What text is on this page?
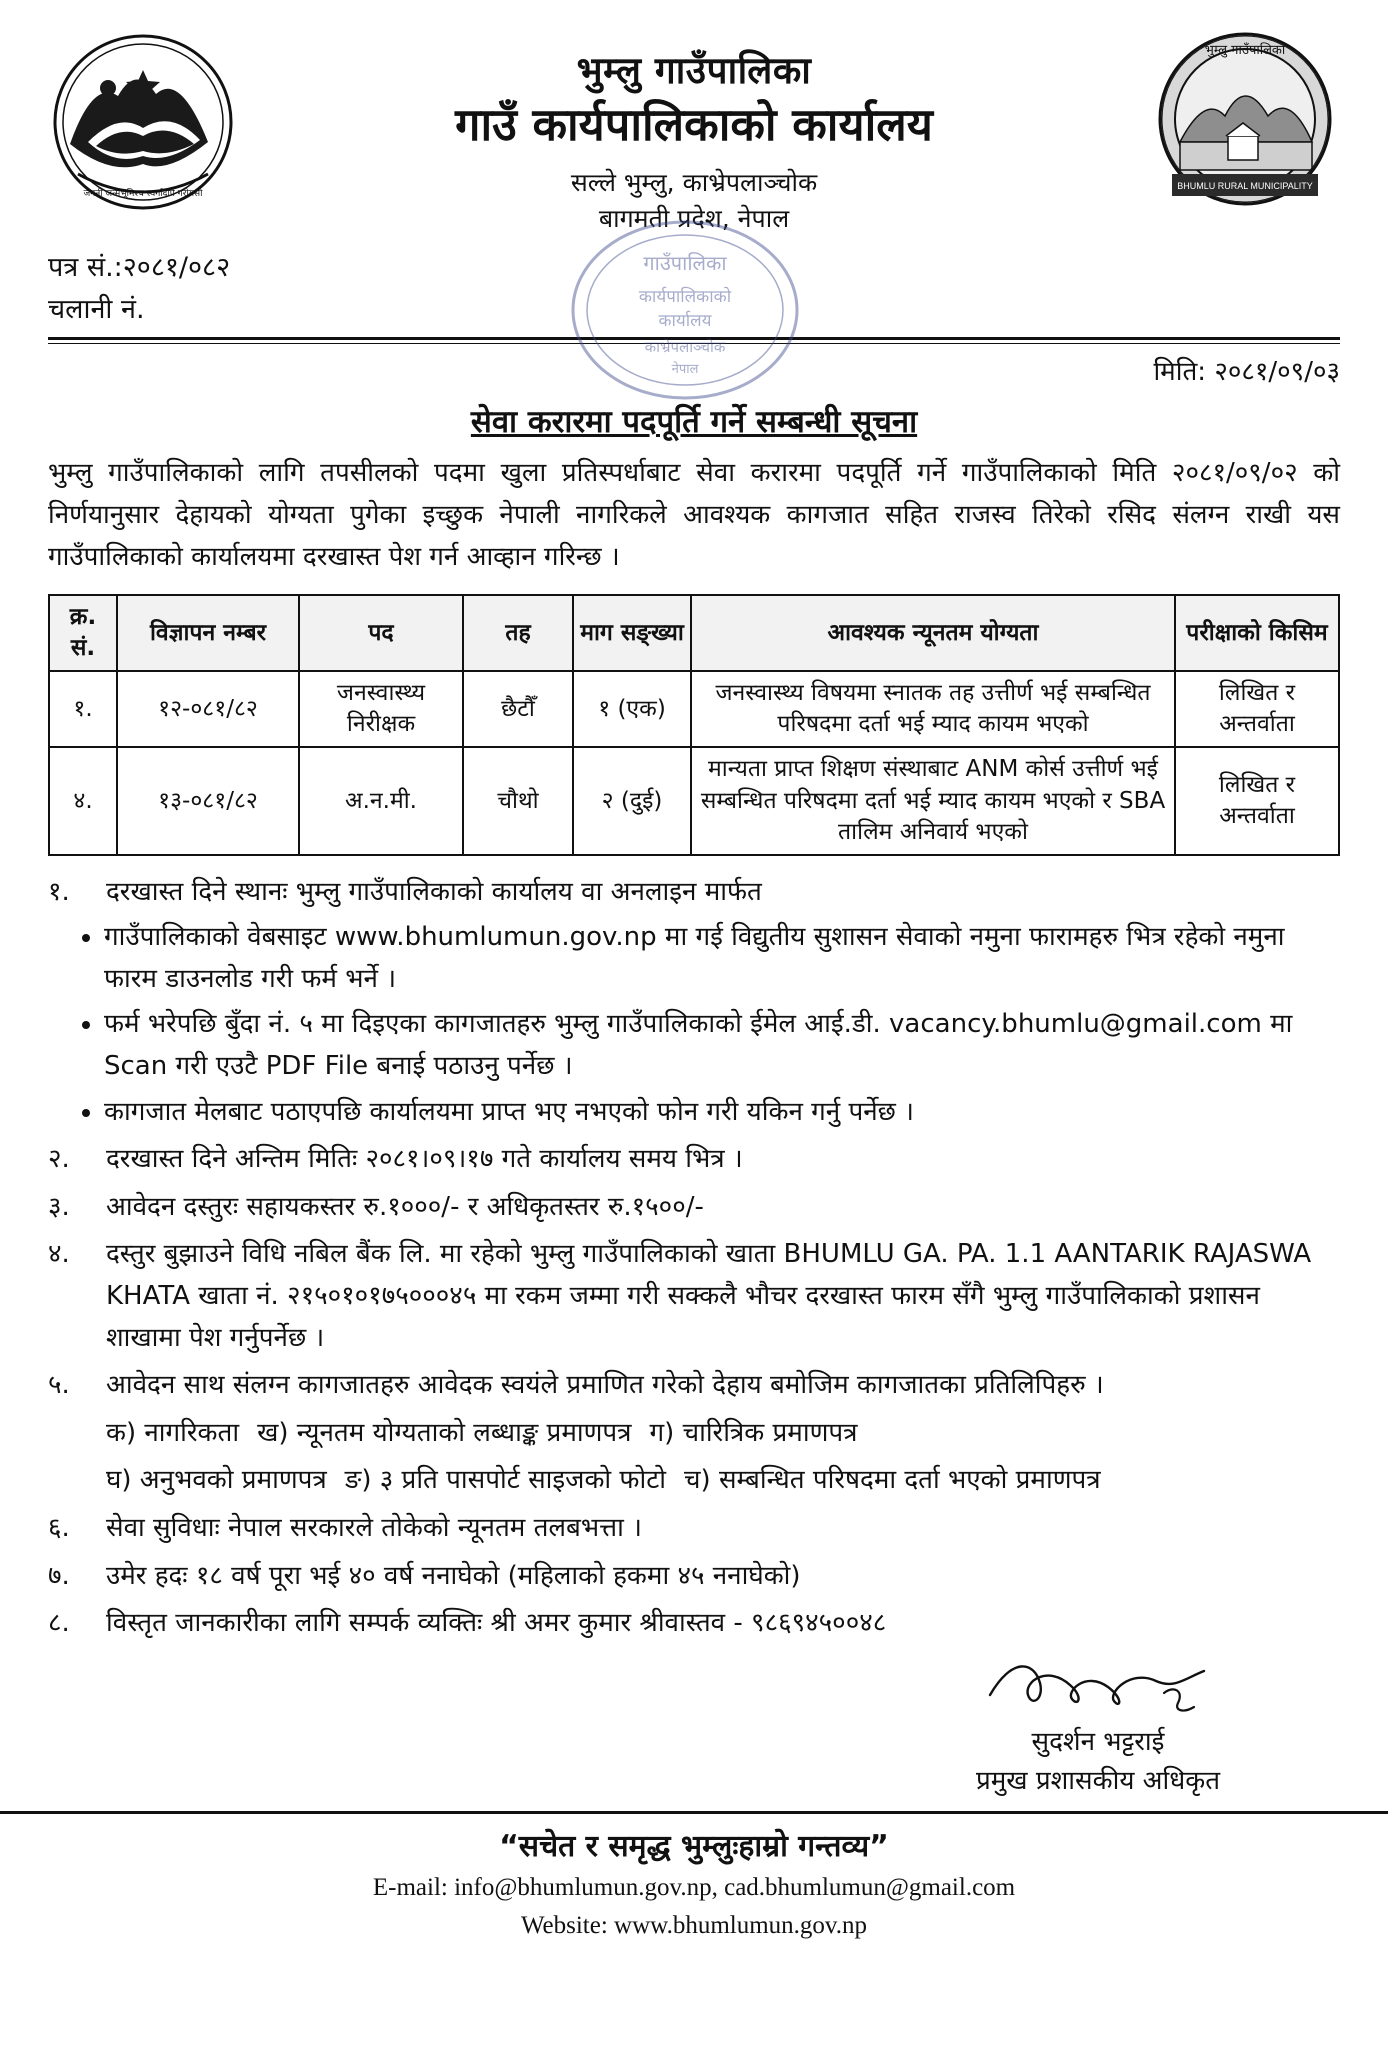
जननी जन्मभूमिश्च स्वर्गादपि गरीयसी
भुम्लु गाउँपालिका
गाउँ कार्यपालिकाको कार्यालय
सल्ले भुम्लु, काभ्रेपलाञ्चोक
बागमती प्रदेश, नेपाल
भुम्लु गाउँपालिका
BHUMLU RURAL MUNICIPALITY
गाउँपालिका
कार्यपालिकाको
कार्यालय
काभ्रेपलाञ्चोक
नेपाल
पत्र सं.:२०८१/०८२
चलानी नं.
मिति: २०८१/०९/०३
सेवा करारमा पदपूर्ति गर्ने सम्बन्धी सूचना
भुम्लु गाउँपालिकाको लागि तपसीलको पदमा खुला प्रतिस्पर्धाबाट सेवा करारमा पदपूर्ति गर्ने गाउँपालिकाको मिति २०८१/०९/०२ को निर्णयानुसार देहायको योग्यता पुगेका इच्छुक नेपाली नागरिकले आवश्यक कागजात सहित राजस्व तिरेको रसिद संलग्न राखी यस गाउँपालिकाको कार्यालयमा दरखास्त पेश गर्न आव्हान गरिन्छ ।
क्र. सं.	विज्ञापन नम्बर	पद	तह	माग सङ्ख्या	आवश्यक न्यूनतम योग्यता	परीक्षाको किसिम
१.	१२-०८१/८२	जनस्वास्थ्य निरीक्षक	छैटौँ	१ (एक)	जनस्वास्थ्य विषयमा स्नातक तह उत्तीर्ण भई सम्बन्धित परिषदमा दर्ता भई म्याद कायम भएको	लिखित र अन्तर्वाता
४.	१३-०८१/८२	अ.न.मी.	चौथो	२ (दुई)	मान्यता प्राप्त शिक्षण संस्थाबाट ANM कोर्स उत्तीर्ण भई सम्बन्धित परिषदमा दर्ता भई म्याद कायम भएको र SBA तालिम अनिवार्य भएको	लिखित र अन्तर्वाता
१.	दरखास्त दिने स्थानः भुम्लु गाउँपालिकाको कार्यालय वा अनलाइन मार्फत
• गाउँपालिकाको वेबसाइट www.bhumlumun.gov.np मा गई विद्युतीय सुशासन सेवाको नमुना फारामहरु भित्र रहेको नमुना फारम डाउनलोड गरी फर्म भर्ने ।
• फर्म भरेपछि बुँदा नं. ५ मा दिइएका कागजातहरु भुम्लु गाउँपालिकाको ईमेल आई.डी. vacancy.bhumlu@gmail.com मा Scan गरी एउटै PDF File बनाई पठाउनु पर्नेछ ।
• कागजात मेलबाट पठाएपछि कार्यालयमा प्राप्त भए नभएको फोन गरी यकिन गर्नु पर्नेछ ।
२.	दरखास्त दिने अन्तिम मितिः २०८१।०९।१७ गते कार्यालय समय भित्र ।
३.	आवेदन दस्तुरः सहायकस्तर रु.१०००/- र अधिकृतस्तर रु.१५००/-
४.	दस्तुर बुझाउने विधि नबिल बैंक लि. मा रहेको भुम्लु गाउँपालिकाको खाता BHUMLU GA. PA. 1.1 AANTARIK RAJASWA KHATA खाता नं. २१५०१०१७५०००४५ मा रकम जम्मा गरी सक्कलै भौचर दरखास्त फारम सँगै भुम्लु गाउँपालिकाको प्रशासन शाखामा पेश गर्नुपर्नेछ ।
५.	आवेदन साथ संलग्न कागजातहरु आवेदक स्वयंले प्रमाणित गरेको देहाय बमोजिम कागजातका प्रतिलिपिहरु ।
क) नागरिकता ख) न्यूनतम योग्यताको लब्धाङ्क प्रमाणपत्र ग) चारित्रिक प्रमाणपत्र
घ) अनुभवको प्रमाणपत्र ङ) ३ प्रति पासपोर्ट साइजको फोटो च) सम्बन्धित परिषदमा दर्ता भएको प्रमाणपत्र
६.	सेवा सुविधाः नेपाल सरकारले तोकेको न्यूनतम तलबभत्ता ।
७.	उमेर हदः १८ वर्ष पूरा भई ४० वर्ष ननाघेको (महिलाको हकमा ४५ ननाघेको)
८.	विस्तृत जानकारीका लागि सम्पर्क व्यक्तिः श्री अमर कुमार श्रीवास्तव - ९८६९४५००४८
सुदर्शन भट्टराई
प्रमुख प्रशासकीय अधिकृत
“सचेत र समृद्ध भुम्लुःहाम्रो गन्तव्य”
E-mail: info@bhumlumun.gov.np, cad.bhumlumun@gmail.com
Website: www.bhumlumun.gov.np
